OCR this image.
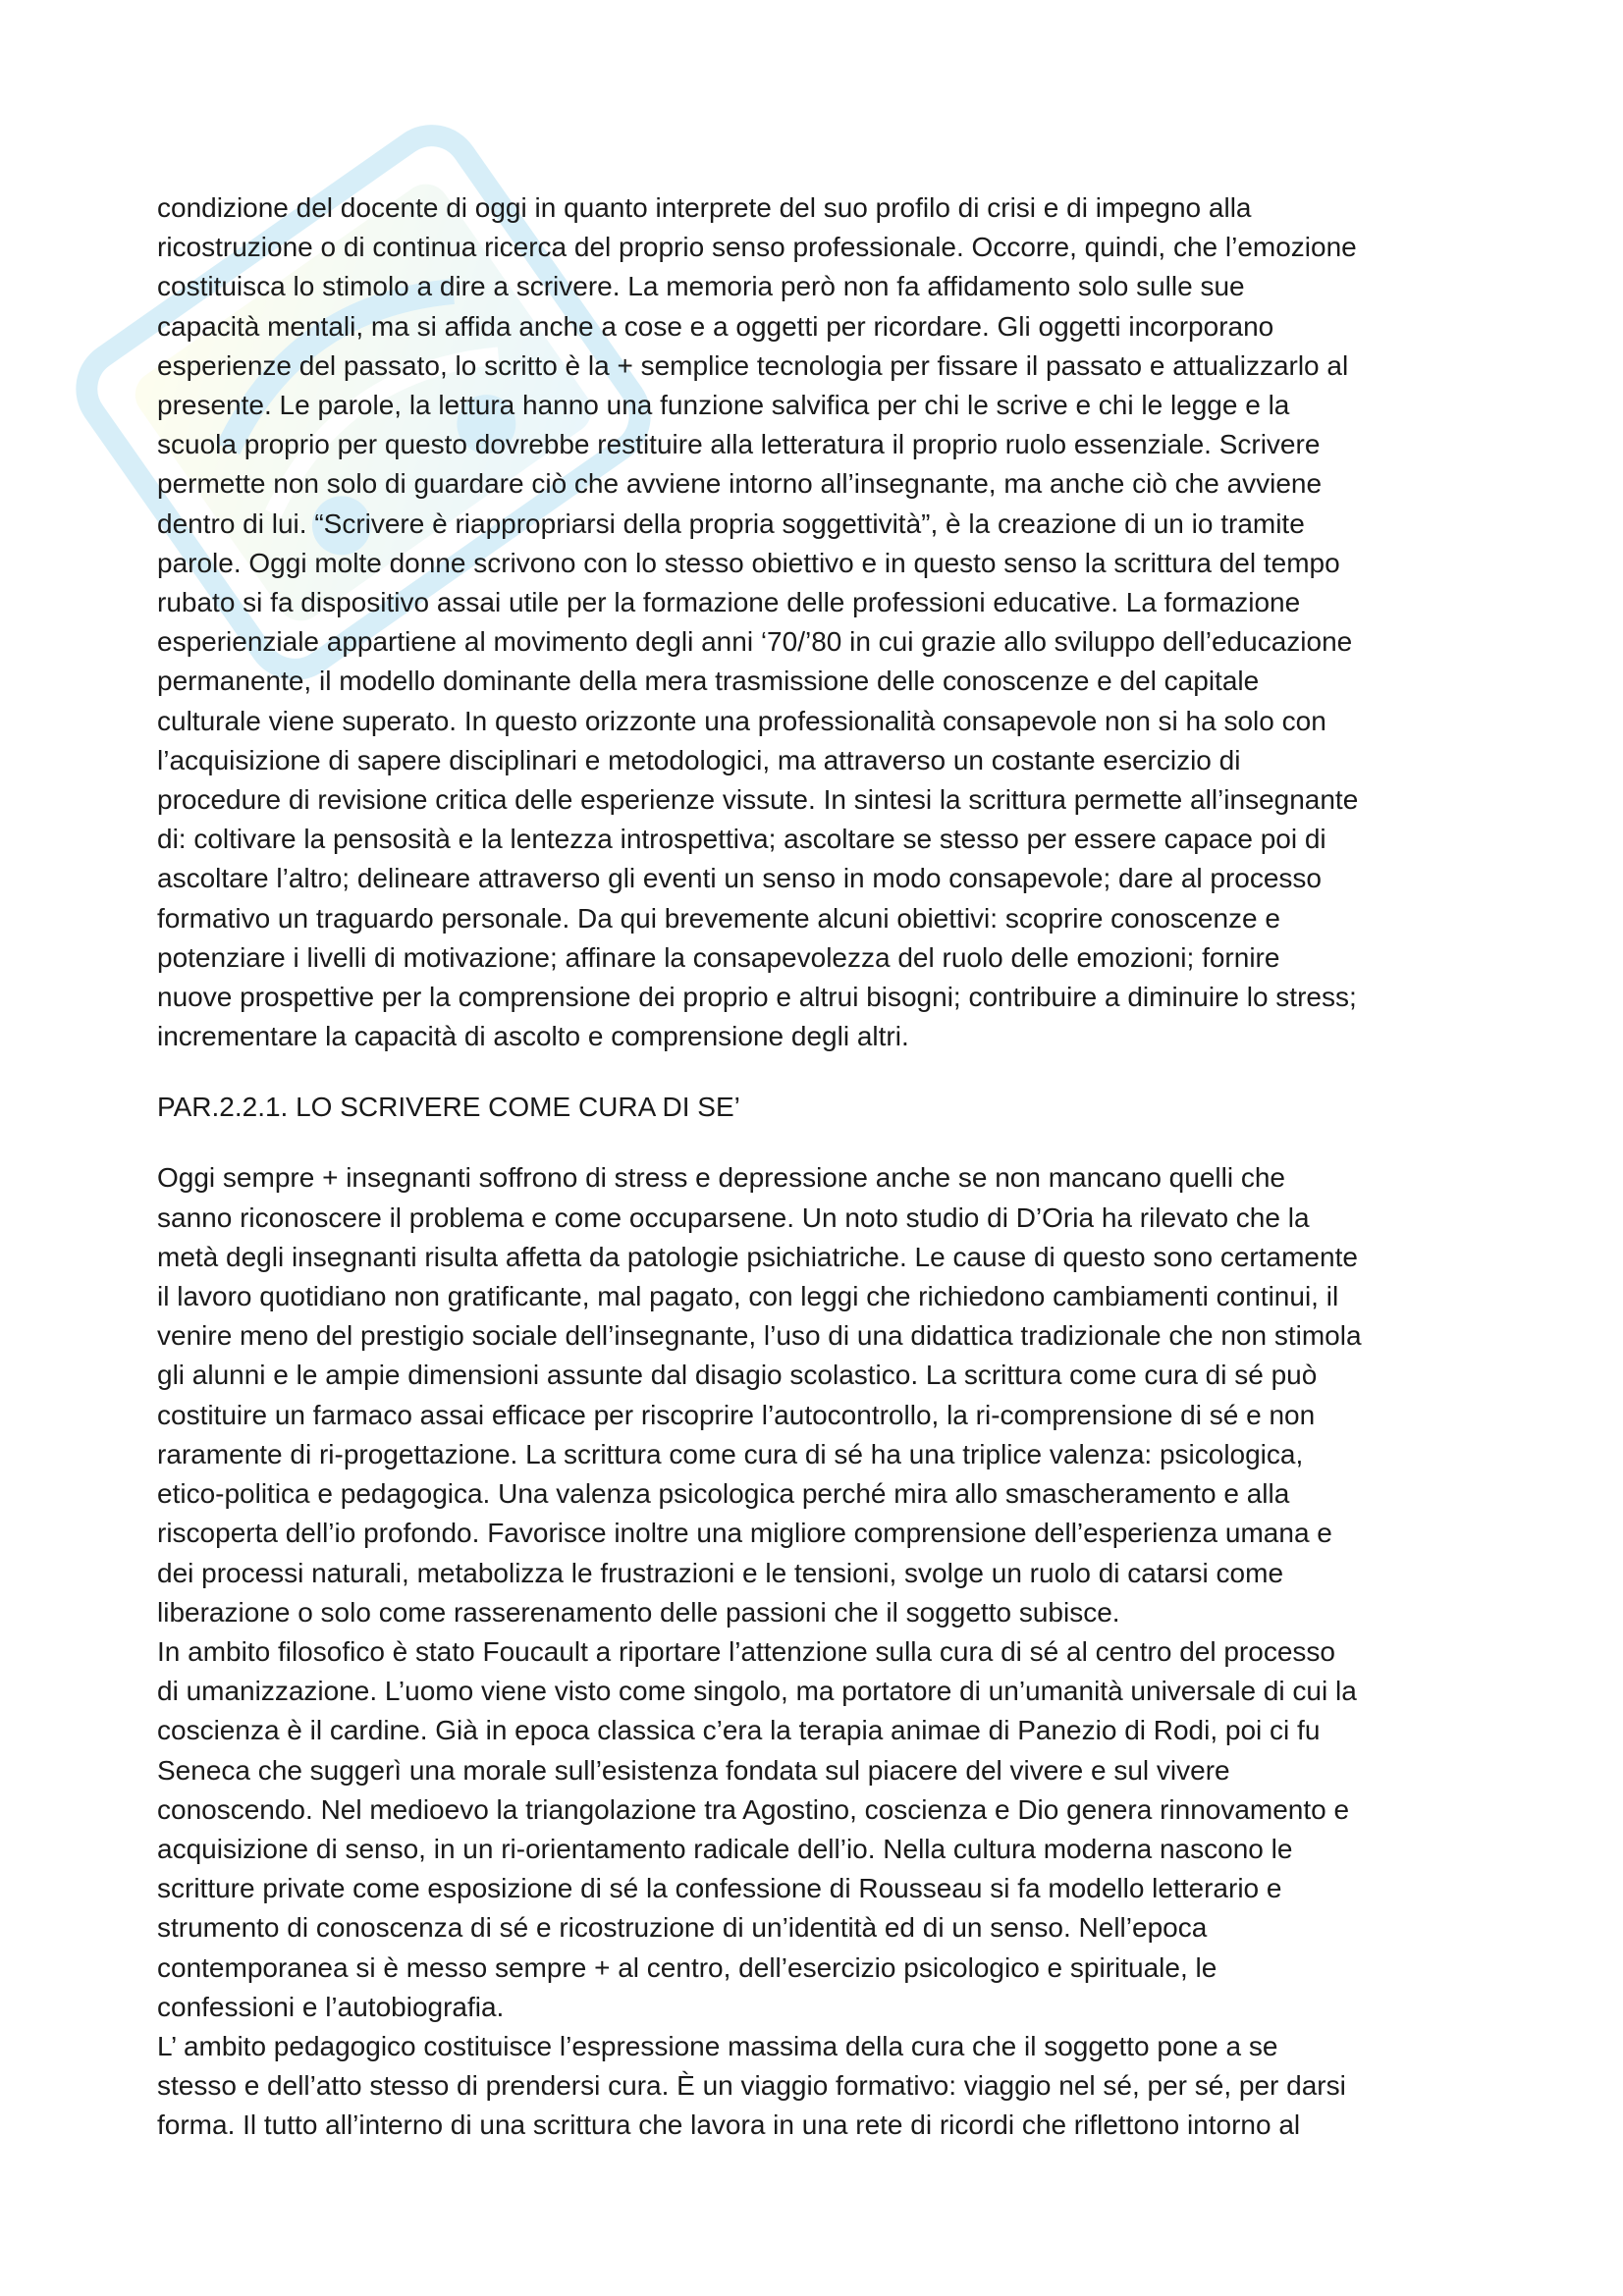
condizione del docente di oggi in quanto interprete del suo profilo di crisi e di impegno alla
ricostruzione o di continua ricerca del proprio senso professionale. Occorre, quindi, che l’emozione
costituisca lo stimolo a dire a scrivere. La memoria però non fa affidamento solo sulle sue
capacità mentali, ma si affida anche a cose e a oggetti per ricordare. Gli oggetti incorporano
esperienze del passato, lo scritto è la + semplice tecnologia per fissare il passato e attualizzarlo al
presente. Le parole, la lettura hanno una funzione salvifica per chi le scrive e chi le legge e la
scuola proprio per questo dovrebbe restituire alla letteratura il proprio ruolo essenziale. Scrivere
permette non solo di guardare ciò che avviene intorno all’insegnante, ma anche ciò che avviene
dentro di lui. “Scrivere è riappropriarsi della propria soggettività”, è la creazione di un io tramite
parole. Oggi molte donne scrivono con lo stesso obiettivo e in questo senso la scrittura del tempo
rubato si fa dispositivo assai utile per la formazione delle professioni educative. La formazione
esperienziale appartiene al movimento degli anni ‘70/’80 in cui grazie allo sviluppo dell’educazione
permanente, il modello dominante della mera trasmissione delle conoscenze e del capitale
culturale viene superato. In questo orizzonte una professionalità consapevole non si ha solo con
l’acquisizione di sapere disciplinari e metodologici, ma attraverso un costante esercizio di
procedure di revisione critica delle esperienze vissute. In sintesi la scrittura permette all’insegnante
di: coltivare la pensosità e la lentezza introspettiva; ascoltare se stesso per essere capace poi di
ascoltare l’altro; delineare attraverso gli eventi un senso in modo consapevole; dare al processo
formativo un traguardo personale. Da qui brevemente alcuni obiettivi: scoprire conoscenze e
potenziare i livelli di motivazione; affinare la consapevolezza del ruolo delle emozioni; fornire
nuove prospettive per la comprensione dei proprio e altrui bisogni; contribuire a diminuire lo stress;
incrementare la capacità di ascolto e comprensione degli altri.
PAR.2.2.1. LO SCRIVERE COME CURA DI SE’
Oggi sempre + insegnanti soffrono di stress e depressione anche se non mancano quelli che
sanno riconoscere il problema e come occuparsene. Un noto studio di D’Oria ha rilevato che la
metà degli insegnanti risulta affetta da patologie psichiatriche. Le cause di questo sono certamente
il lavoro quotidiano non gratificante, mal pagato, con leggi che richiedono cambiamenti continui, il
venire meno del prestigio sociale dell’insegnante, l’uso di una didattica tradizionale che non stimola
gli alunni e le ampie dimensioni assunte dal disagio scolastico. La scrittura come cura di sé può
costituire un farmaco assai efficace per riscoprire l’autocontrollo, la ri-comprensione di sé e non
raramente di ri-progettazione. La scrittura come cura di sé ha una triplice valenza: psicologica,
etico-politica e pedagogica. Una valenza psicologica perché mira allo smascheramento e alla
riscoperta dell’io profondo. Favorisce inoltre una migliore comprensione dell’esperienza umana e
dei processi naturali, metabolizza le frustrazioni e le tensioni, svolge un ruolo di catarsi come
liberazione o solo come rasserenamento delle passioni che il soggetto subisce.
In ambito filosofico è stato Foucault a riportare l’attenzione sulla cura di sé al centro del processo
di umanizzazione. L’uomo viene visto come singolo, ma portatore di un’umanità universale di cui la
coscienza è il cardine. Già in epoca classica c’era la terapia animae di Panezio di Rodi, poi ci fu
Seneca che suggerì una morale sull’esistenza fondata sul piacere del vivere e sul vivere
conoscendo. Nel medioevo la triangolazione tra Agostino, coscienza e Dio genera rinnovamento e
acquisizione di senso, in un ri-orientamento radicale dell’io. Nella cultura moderna nascono le
scritture private come esposizione di sé la confessione di Rousseau si fa modello letterario e
strumento di conoscenza di sé e ricostruzione di un’identità ed di un senso. Nell’epoca
contemporanea si è messo sempre + al centro, dell’esercizio psicologico e spirituale, le
confessioni e l’autobiografia.
L’ ambito pedagogico costituisce l’espressione massima della cura che il soggetto pone a se
stesso e dell’atto stesso di prendersi cura. È un viaggio formativo: viaggio nel sé, per sé, per darsi
forma. Il tutto all’interno di una scrittura che lavora in una rete di ricordi che riflettono intorno al
